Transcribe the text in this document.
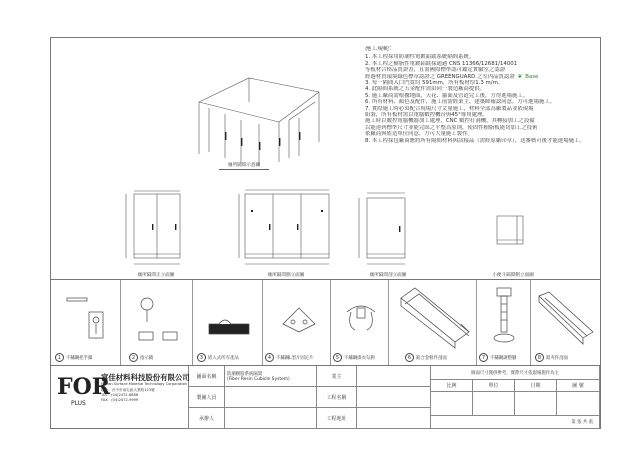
廁所隔間示意圖
施工規範：
1. 本工程採用防潮性電鍍鋁鎂系統隔間系統。
2. 本工程之樹脂性電鍍鋁鎂採通過 CNS 11366/12681/14001
等板材合格品質證書，且需國際標準認可鑑定實驗室之認證
經過材質環境綠色標章認證之 GREENGUARD 之室內品質認證 ❦ Base
3. 每一隔間入口門寬約 591mm，所有板材厚1.3 m/m。
4. 此隔間系統之五金配件需由同一製造廠商提供。
5. 施工廠商需根據地面、天花、牆面及管道完工後，方得進場施工。
6. 所有材料、顏色及配件，施工前需經業主、建築師確認同意，方可進場施工。
7. 實際施工時必須配合現場尺寸丈量施工，材料全部為廠製品並依現場
組裝，所有板材需以電腦數控機台與45°導角處理。
施工時以數控電腦機器加工處理，CNC 數控打洞機，其轉接加工之設備
以能達到標準尺寸並能完固之平整為原則，使固性樹脂板能切加工之技術
依廠商與監造單位同意，方可大量施工製作。
8. 本工程採包廠商應將所有隔間材料與試樣品（需經原廠印章），送審核可後才能進場施工。
廁所隔間正立面圖	廁所隔間側立面圖	廁所隔間剖立面圖	小便斗隔間側立面圖
1	不鏽鋼把手鎖	2	指示鎖	3	嵌入式所有產品	4	不鏽鋼L型片固定片	5	不鏽鋼掛衣勾鉤	6	鋁合金框件剖面	7	不鏽鋼調整腳	8	鋁夾件剖面
FOR
PLUS
富佳材料科技股份有限公司
FuTian Surface Material Technology Corporation
地址：台中市南屯區大業路123號
TEL：(04)2472-8888
FAX：(04)2472-9999
圖面名稱	防潮樹脂系統隔間
(Fiber Resin Cubicle System)
製圖人員
承辦人
業主
工程名稱
工程地址
圖面尺寸僅供參考，實際尺寸依現場施作為主
比例	單位	日期	圖 號
第 張 共 張
